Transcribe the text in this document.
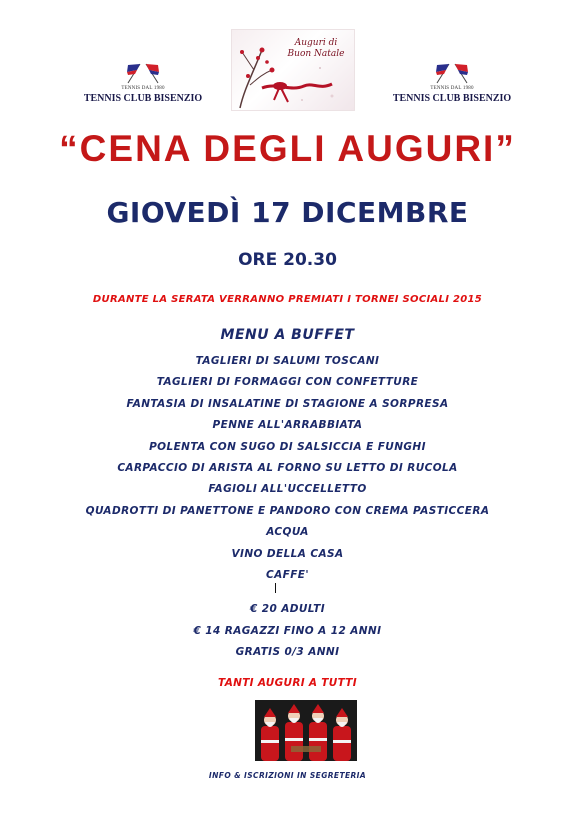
TENNIS DAL 1980
TENNIS CLUB BISENZIO
Auguri di
Buon Natale
TENNIS DAL 1980
TENNIS CLUB BISENZIO
“CENA DEGLI AUGURI”
GIOVEDÌ 17 DICEMBRE
ORE 20.30
DURANTE LA SERATA VERRANNO PREMIATI I TORNEI SOCIALI 2015
MENU A BUFFET
TAGLIERI DI SALUMI TOSCANI
TAGLIERI DI FORMAGGI CON CONFETTURE
FANTASIA DI INSALATINE DI STAGIONE A SORPRESA
PENNE ALL'ARRABBIATA
POLENTA CON SUGO DI SALSICCIA E FUNGHI
CARPACCIO DI ARISTA AL FORNO SU LETTO DI RUCOLA
FAGIOLI ALL'UCCELLETTO
QUADROTTI DI PANETTONE E PANDORO CON CREMA PASTICCERA
ACQUA
VINO DELLA CASA
CAFFE'
€ 20 ADULTI
€ 14 RAGAZZI FINO A 12 ANNI
GRATIS 0/3 ANNI
TANTI AUGURI A TUTTI
INFO & ISCRIZIONI IN SEGRETERIA
